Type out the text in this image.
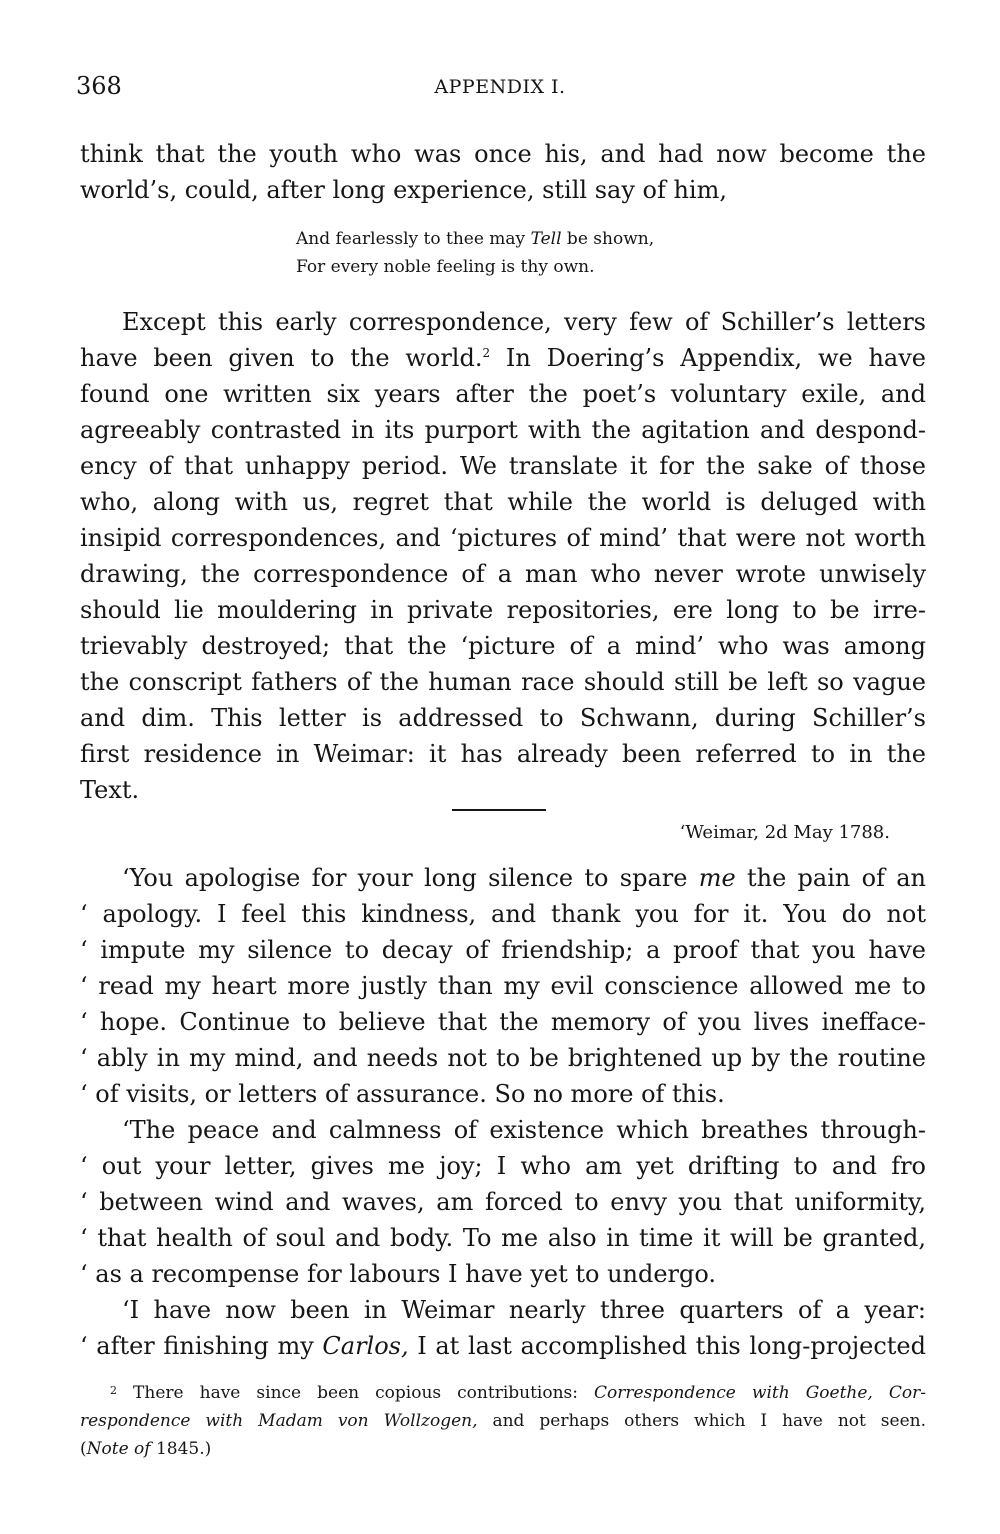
368	APPENDIX I.
think that the youth who was once his, and had now become the
world’s, could, after long experience, still say of him,
And fearlessly to thee may Tell be shown,
For every noble feeling is thy own.
Except this early correspondence, very few of Schiller’s letters
have been given to the world.$^2$ In Doering’s Appendix, we have
found one written six years after the poet’s voluntary exile, and
agreeably contrasted in its purport with the agitation and despond-
ency of that unhappy period. We translate it for the sake of those
who, along with us, regret that while the world is deluged with
insipid correspondences, and ‘pictures of mind’ that were not worth
drawing, the correspondence of a man who never wrote unwisely
should lie mouldering in private repositories, ere long to be irre-
trievably destroyed; that the ‘picture of a mind’ who was among
the conscript fathers of the human race should still be left so vague
and dim. This letter is addressed to Schwann, during Schiller’s
first residence in Weimar: it has already been referred to in the
Text.
‘Weimar, 2d May 1788.
‘You apologise for your long silence to spare me the pain of an
‘ apology. I feel this kindness, and thank you for it. You do not
‘ impute my silence to decay of friendship; a proof that you have
‘ read my heart more justly than my evil conscience allowed me to
‘ hope. Continue to believe that the memory of you lives ineffacе-
‘ ably in my mind, and needs not to be brightened up by the routine
‘ of visits, or letters of assurance. So no more of this.
‘The peace and calmness of existence which breathes through-
‘ out your letter, gives me joy; I who am yet drifting to and fro
‘ between wind and waves, am forced to envy you that uniformity,
‘ that health of soul and body. To me also in time it will be granted,
‘ as a recompense for labours I have yet to undergo.
‘I have now been in Weimar nearly three quarters of a year:
‘ after finishing my Carlos, I at last accomplished this long-projected
$^2$ There have since been copious contributions: Correspondence with Goethe, Cor-
respondence with Madam von Wollzogen, and perhaps others which I have not seen.
(Note of 1845.)
